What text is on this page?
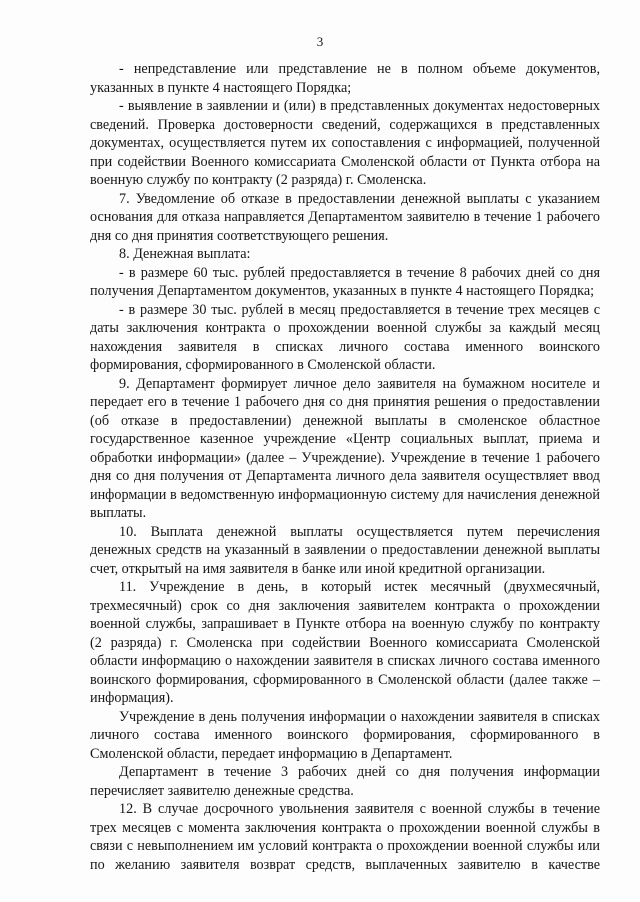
3
- непредставление или представление не в полном объеме документов,
указанных в пункте 4 настоящего Порядка;
- выявление в заявлении и (или) в представленных документах недостоверных
сведений. Проверка достоверности сведений, содержащихся в представленных
документах, осуществляется путем их сопоставления с информацией, полученной
при содействии Военного комиссариата Смоленской области от Пункта отбора на
военную службу по контракту (2 разряда) г. Смоленска.
7. Уведомление об отказе в предоставлении денежной выплаты с указанием
основания для отказа направляется Департаментом заявителю в течение 1 рабочего
дня со дня принятия соответствующего решения.
8. Денежная выплата:
- в размере 60 тыс. рублей предоставляется в течение 8 рабочих дней со дня
получения Департаментом документов, указанных в пункте 4 настоящего Порядка;
- в размере 30 тыс. рублей в месяц предоставляется в течение трех месяцев с
даты заключения контракта о прохождении военной службы за каждый месяц
нахождения заявителя в списках личного состава именного воинского
формирования, сформированного в Смоленской области.
9. Департамент формирует личное дело заявителя на бумажном носителе и
передает его в течение 1 рабочего дня со дня принятия решения о предоставлении
(об отказе в предоставлении) денежной выплаты в смоленское областное
государственное казенное учреждение «Центр социальных выплат, приема и
обработки информации» (далее – Учреждение). Учреждение в течение 1 рабочего
дня со дня получения от Департамента личного дела заявителя осуществляет ввод
информации в ведомственную информационную систему для начисления денежной
выплаты.
10. Выплата денежной выплаты осуществляется путем перечисления
денежных средств на указанный в заявлении о предоставлении денежной выплаты
счет, открытый на имя заявителя в банке или иной кредитной организации.
11. Учреждение в день, в который истек месячный (двухмесячный,
трехмесячный) срок со дня заключения заявителем контракта о прохождении
военной службы, запрашивает в Пункте отбора на военную службу по контракту
(2 разряда) г. Смоленска при содействии Военного комиссариата Смоленской
области информацию о нахождении заявителя в списках личного состава именного
воинского формирования, сформированного в Смоленской области (далее также –
информация).
Учреждение в день получения информации о нахождении заявителя в списках
личного состава именного воинского формирования, сформированного в
Смоленской области, передает информацию в Департамент.
Департамент в течение 3 рабочих дней со дня получения информации
перечисляет заявителю денежные средства.
12. В случае досрочного увольнения заявителя с военной службы в течение
трех месяцев с момента заключения контракта о прохождении военной службы в
связи с невыполнением им условий контракта о прохождении военной службы или
по желанию заявителя возврат средств, выплаченных заявителю в качестве
